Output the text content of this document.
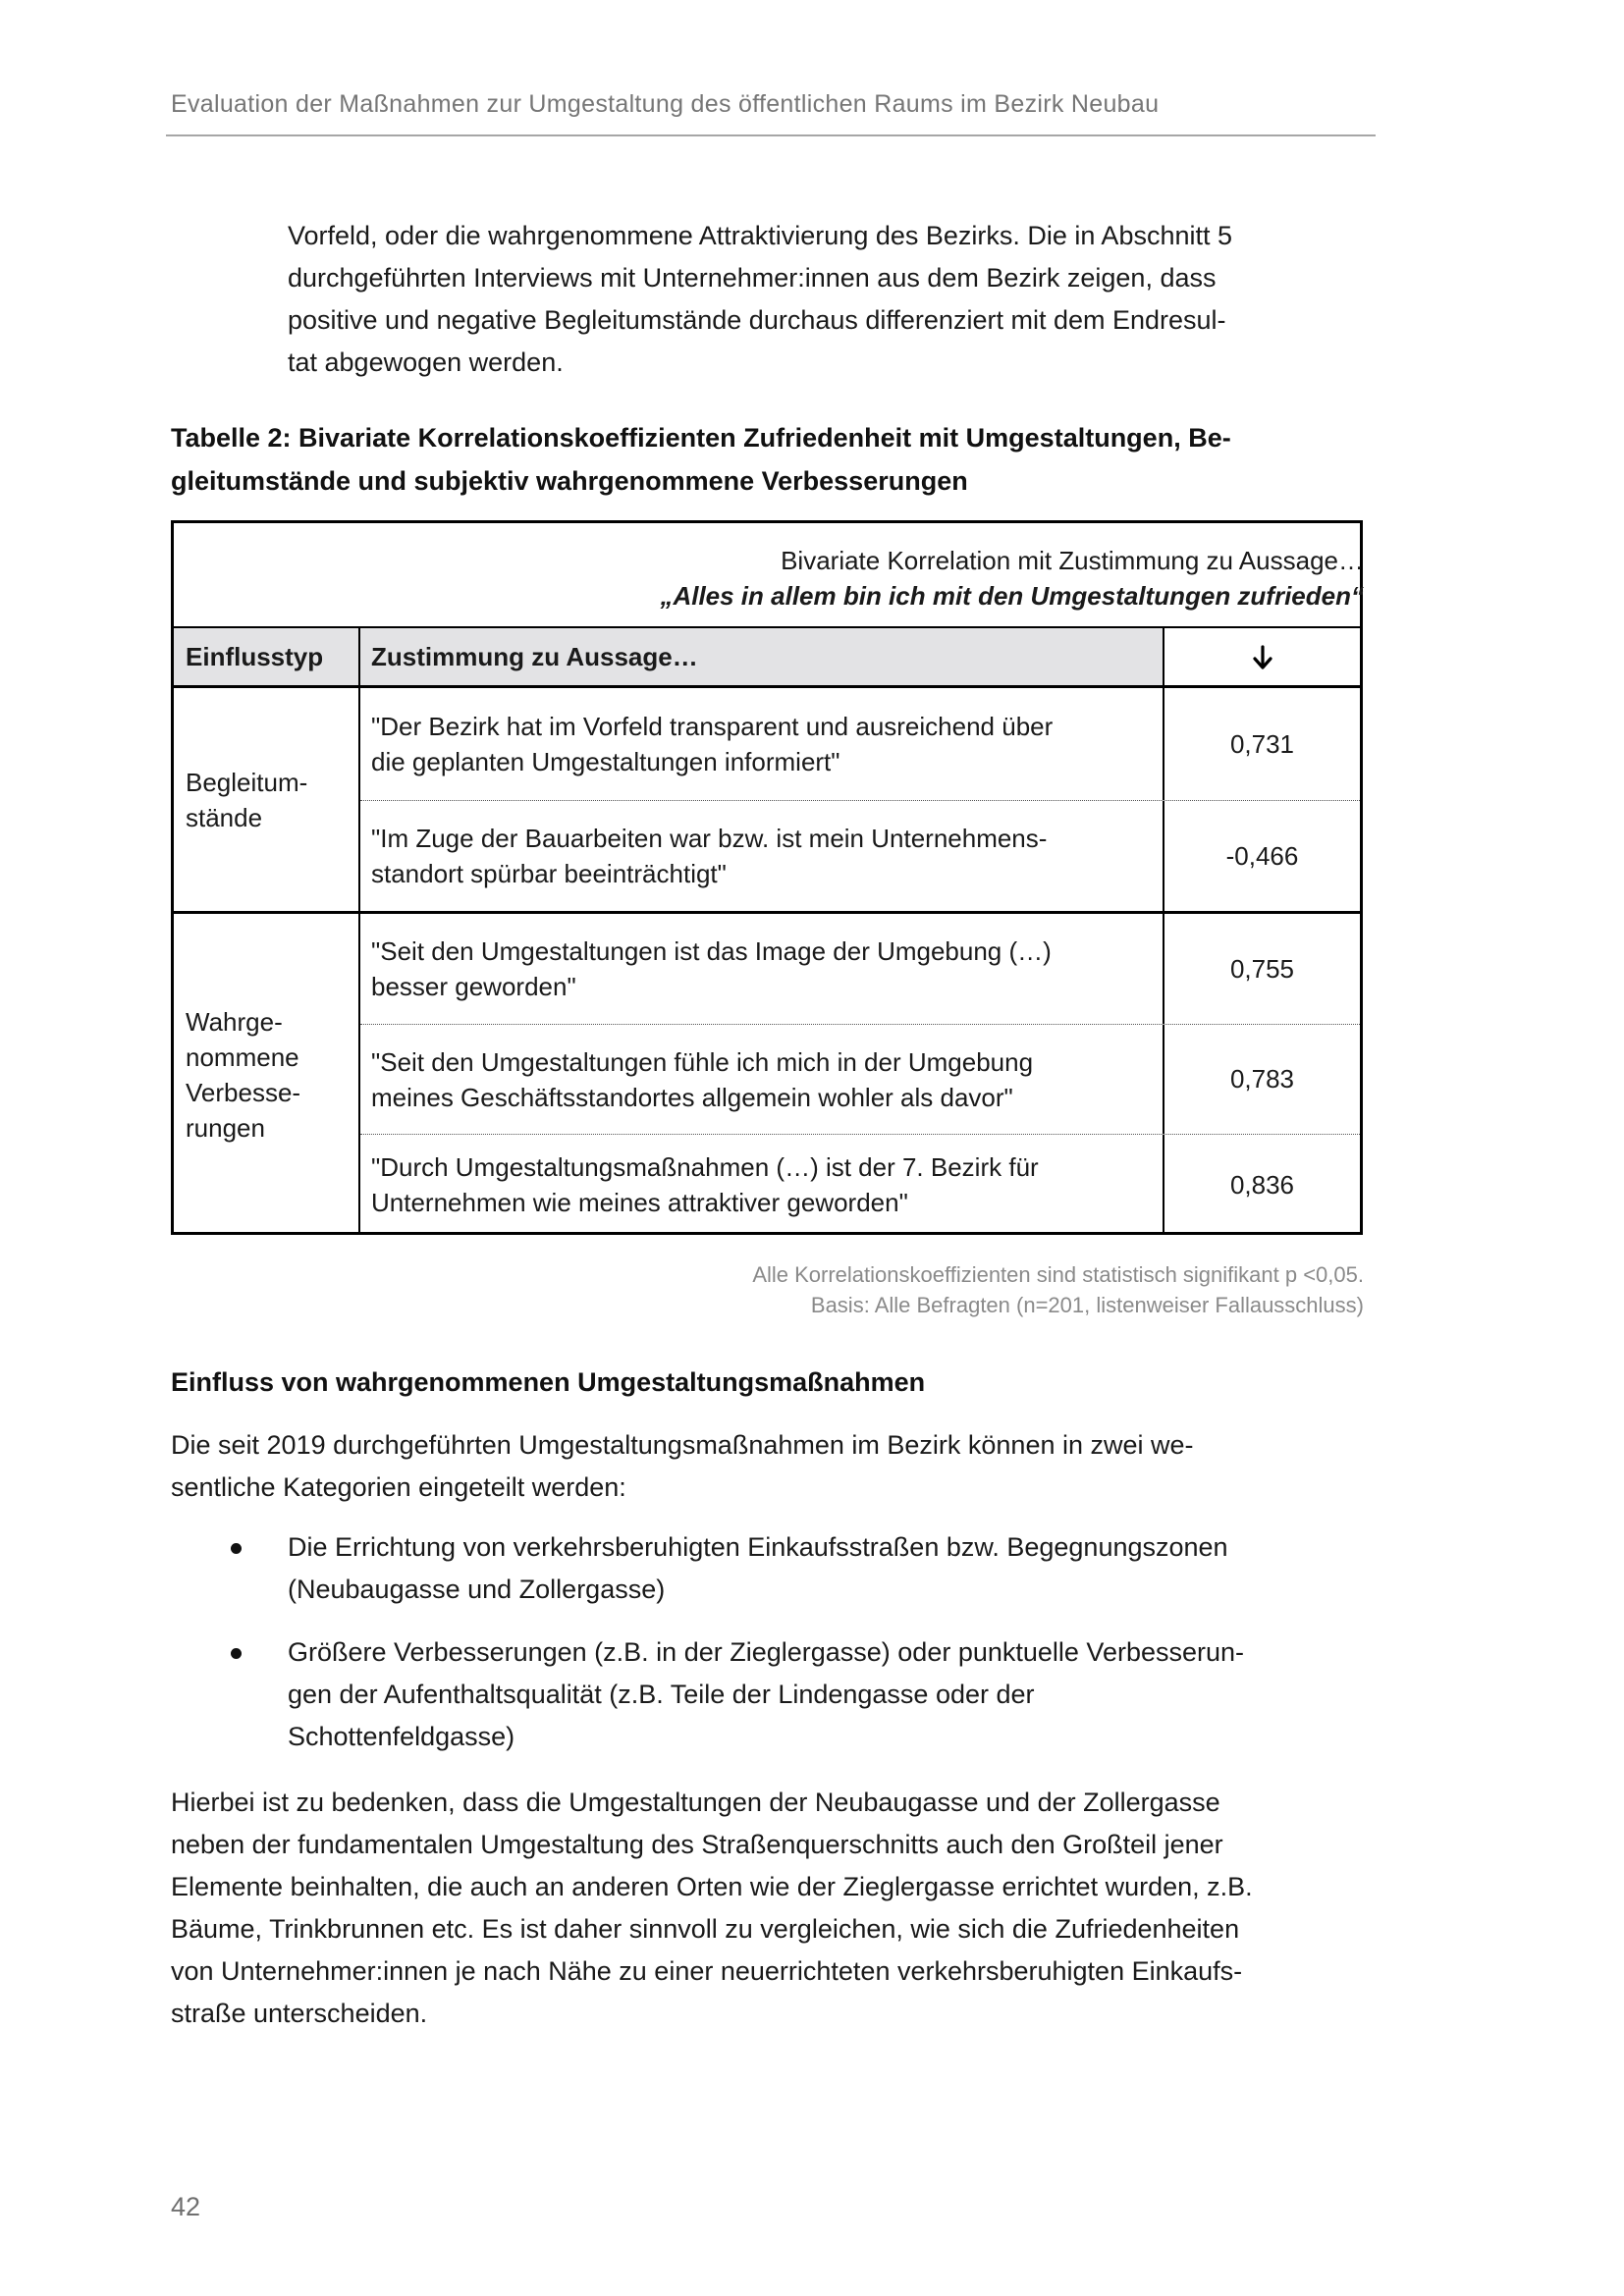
Evaluation der Maßnahmen zur Umgestaltung des öffentlichen Raums im Bezirk Neubau

Vorfeld, oder die wahrgenommene Attraktivierung des Bezirks. Die in Abschnitt 5
durchgeführten Interviews mit Unternehmer:innen aus dem Bezirk zeigen, dass
positive und negative Begleitumstände durchaus differenziert mit dem Endresul-
tat abgewogen werden.

Tabelle 2: Bivariate Korrelationskoeffizienten Zufriedenheit mit Umgestaltungen, Be-
gleitumstände und subjektiv wahrgenommene Verbesserungen
Bivariate Korrelation mit Zustimmung zu Aussage…
„Alles in allem bin ich mit den Umgestaltungen zufrieden“
Einflusstyp	Zustimmung zu Aussage…
Begleitum-
stände
"Der Bezirk hat im Vorfeld transparent und ausreichend über
die geplanten Umgestaltungen informiert"
0,731
"Im Zuge der Bauarbeiten war bzw. ist mein Unternehmens-
standort spürbar beeinträchtigt"
-0,466
Wahrge-
nommene
Verbesse-
rungen
"Seit den Umgestaltungen ist das Image der Umgebung (…)
besser geworden"
0,755
"Seit den Umgestaltungen fühle ich mich in der Umgebung
meines Geschäftsstandortes allgemein wohler als davor"
0,783
"Durch Umgestaltungsmaßnahmen (…) ist der 7. Bezirk für
Unternehmen wie meines attraktiver geworden"
0,836
Alle Korrelationskoeffizienten sind statistisch signifikant p <0,05.
Basis: Alle Befragten (n=201, listenweiser Fallausschluss)
Einfluss von wahrgenommenen Umgestaltungsmaßnahmen

Die seit 2019 durchgeführten Umgestaltungsmaßnahmen im Bezirk können in zwei we-
sentliche Kategorien eingeteilt werden:

Die Errichtung von verkehrsberuhigten Einkaufsstraßen bzw. Begegnungszonen
(Neubaugasse und Zollergasse)
Größere Verbesserungen (z.B. in der Zieglergasse) oder punktuelle Verbesserun-
gen der Aufenthaltsqualität (z.B. Teile der Lindengasse oder der
Schottenfeldgasse)

Hierbei ist zu bedenken, dass die Umgestaltungen der Neubaugasse und der Zollergasse
neben der fundamentalen Umgestaltung des Straßenquerschnitts auch den Großteil jener
Elemente beinhalten, die auch an anderen Orten wie der Zieglergasse errichtet wurden, z.B.
Bäume, Trinkbrunnen etc. Es ist daher sinnvoll zu vergleichen, wie sich die Zufriedenheiten
von Unternehmer:innen je nach Nähe zu einer neuerrichteten verkehrsberuhigten Einkaufs-
straße unterscheiden.

42
